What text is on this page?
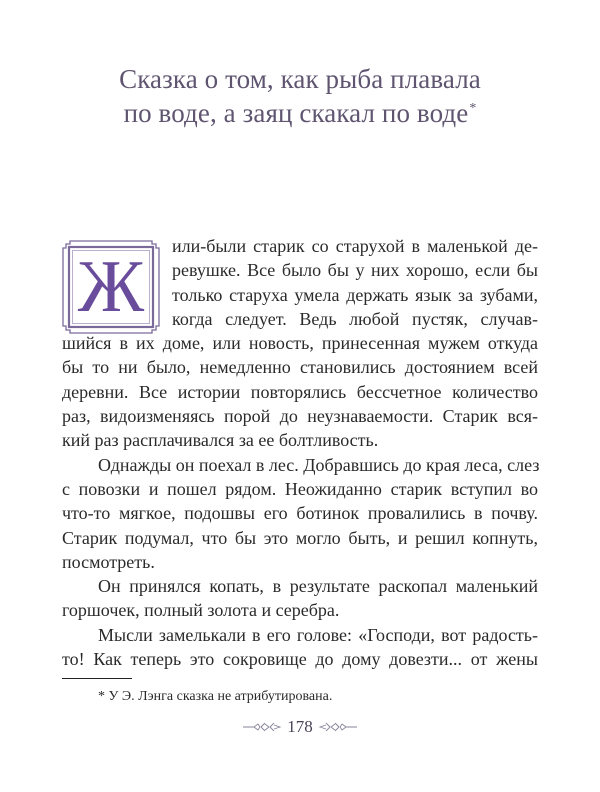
Сказка о том, как рыба плавала
по воде, а заяц скакал по воде*
Ж	или-были старик со старухой в маленькой де-
ревушке. Все было бы у них хорошо, если бы
только старуха умела держать язык за зубами,
когда следует. Ведь любой пустяк, случав-
шийся в их доме, или новость, принесенная мужем откуда
бы то ни было, немедленно становились достоянием всей
деревни. Все истории повторялись бессчетное количество
раз, видоизменяясь порой до неузнаваемости. Старик вся-
кий раз расплачивался за ее болтливость.
Однажды он поехал в лес. Добравшись до края леса, слез
с повозки и пошел рядом. Неожиданно старик вступил во
что-то мягкое, подошвы его ботинок провалились в почву.
Старик подумал, что бы это могло быть, и решил копнуть,
посмотреть.
Он принялся копать, в результате раскопал маленький
горшочек, полный золота и серебра.
Мысли замелькали в его голове: «Господи, вот радость-
то! Как теперь это сокровище до дому довезти... от жены
* У Э. Лэнга сказка не атрибутирована.
178
